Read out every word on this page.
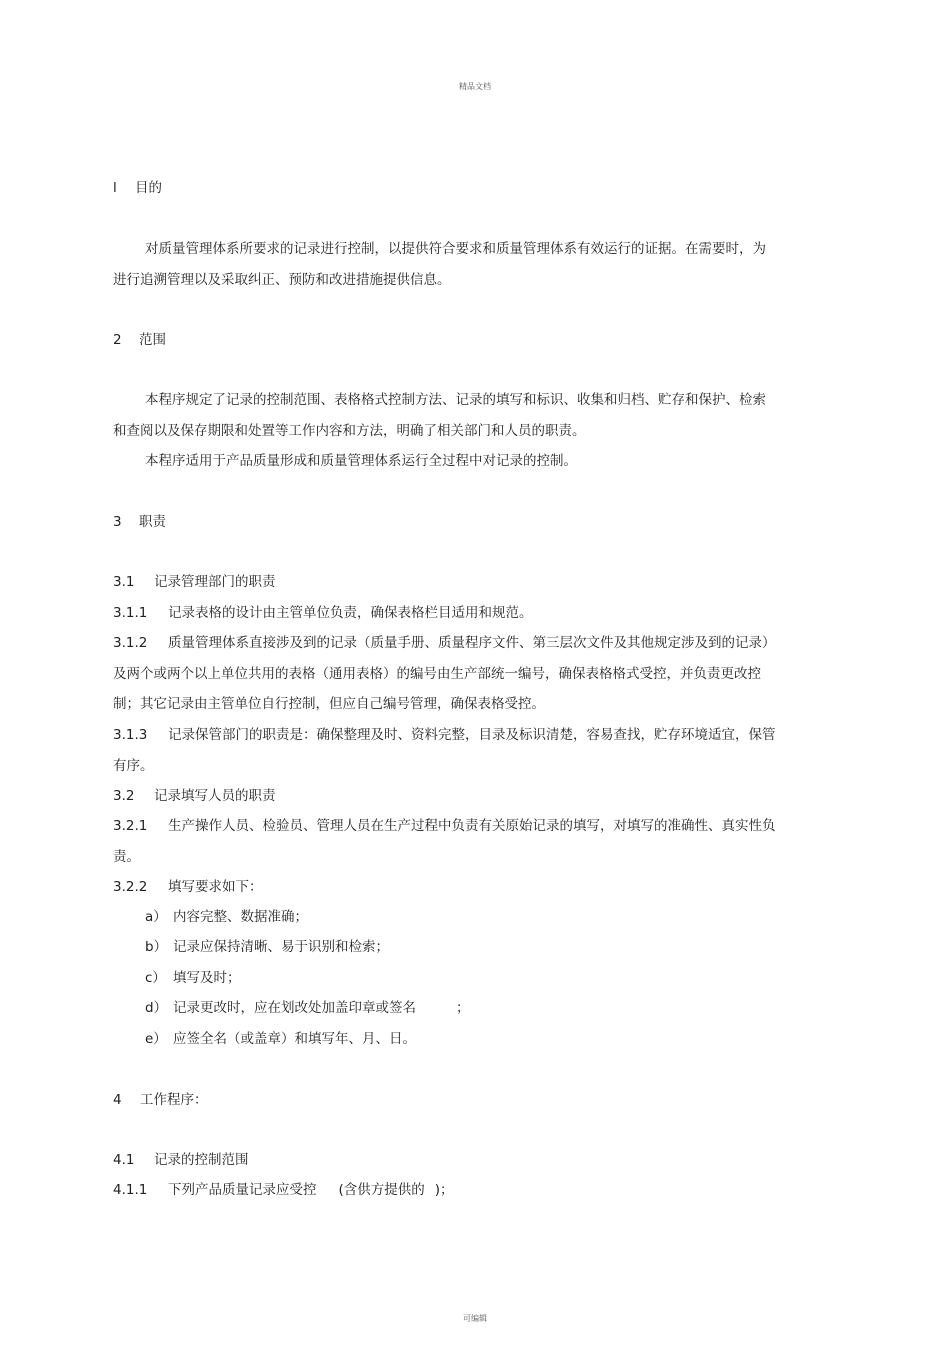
精品文档
l 目的
对质量管理体系所要求的记录进行控制，以提供符合要求和质量管理体系有效运行的证据。在需要时，为
进行追溯管理以及采取纠正、预防和改进措施提供信息。
2 范围
本程序规定了记录的控制范围、表格格式控制方法、记录的填写和标识、收集和归档、贮存和保护、检索
和查阅以及保存期限和处置等工作内容和方法，明确了相关部门和人员的职责。
本程序适用于产品质量形成和质量管理体系运行全过程中对记录的控制。
3 职责
3.1 记录管理部门的职责
3.1.1 记录表格的设计由主管单位负责，确保表格栏目适用和规范。
3.1.2 质量管理体系直接涉及到的记录（质量手册、质量程序文件、第三层次文件及其他规定涉及到的记录）
及两个或两个以上单位共用的表格（通用表格）的编号由生产部统一编号，确保表格格式受控，并负责更改控
制；其它记录由主管单位自行控制，但应自己编号管理，确保表格受控。
3.1.3 记录保管部门的职责是：确保整理及时、资料完整，目录及标识清楚，容易查找，贮存环境适宜，保管
有序。
3.2 记录填写人员的职责
3.2.1 生产操作人员、检验员、管理人员在生产过程中负责有关原始记录的填写，对填写的准确性、真实性负
责。
3.2.2 填写要求如下：
a） 内容完整、数据准确；
b） 记录应保持清晰、易于识别和检索；
c） 填写及时；
d） 记录更改时，应在划改处加盖印章或签名	；
e） 应签全名（或盖章）和填写年、月、日。
4 工作程序：
4.1 记录的控制范围
4.1.1 下列产品质量记录应受控 (含供方提供的 )；
可编辑
